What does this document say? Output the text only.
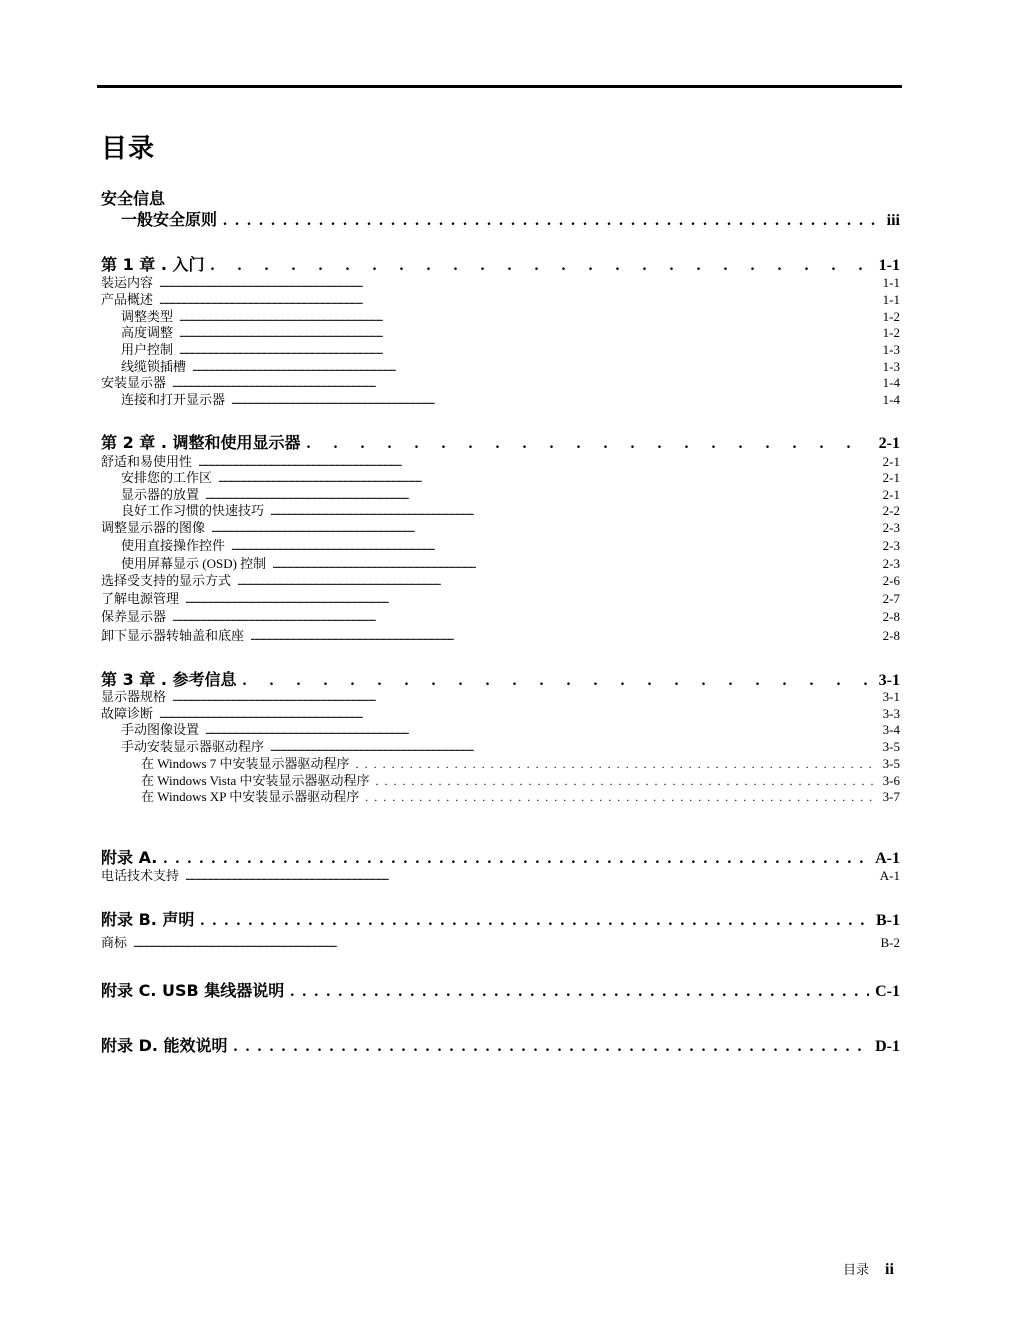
目录
安全信息
一般安全原则 . . .	iii
第 1 章 . 入门 . . .	1-1
装运内容 . . .	1-1
产品概述 . . .	1-1
调整类型 . . .	1-2
高度调整 . . .	1-2
用户控制 . . .	1-3
线缆锁插槽 . . .	1-3
安装显示器 . . .	1-4
连接和打开显示器 . . .	1-4
第 2 章 . 调整和使用显示器 . . .	2-1
舒适和易使用性 . . .	2-1
安排您的工作区 . . .	2-1
显示器的放置 . . .	2-1
良好工作习惯的快速技巧 . . .	2-2
调整显示器的图像 . . .	2-3
使用直接操作控件 . . .	2-3
使用屏幕显示 (OSD) 控制 . . .	2-3
选择受支持的显示方式 . . .	2-6
了解电源管理 . . .	2-7
保养显示器 . . .	2-8
卸下显示器转轴盖和底座 . . .	2-8
第 3 章 . 参考信息 . . .	3-1
显示器规格 . . .	3-1
故障诊断 . . .	3-3
手动图像设置 . . .	3-4
手动安装显示器驱动程序 . . .	3-5
在 Windows 7 中安装显示器驱动程序 . . .	3-5
在 Windows Vista 中安装显示器驱动程序 . . .	3-6
在 Windows XP 中安装显示器驱动程序 . . .	3-7
附录 A. . . .	A-1
电话技术支持 . . .	A-1
附录 B. 声明 . . .	B-1
商标 . . .	B-2
附录 C. USB 集线器说明 . . .	C-1
附录 D. 能效说明 . . .	D-1
目录 ii
